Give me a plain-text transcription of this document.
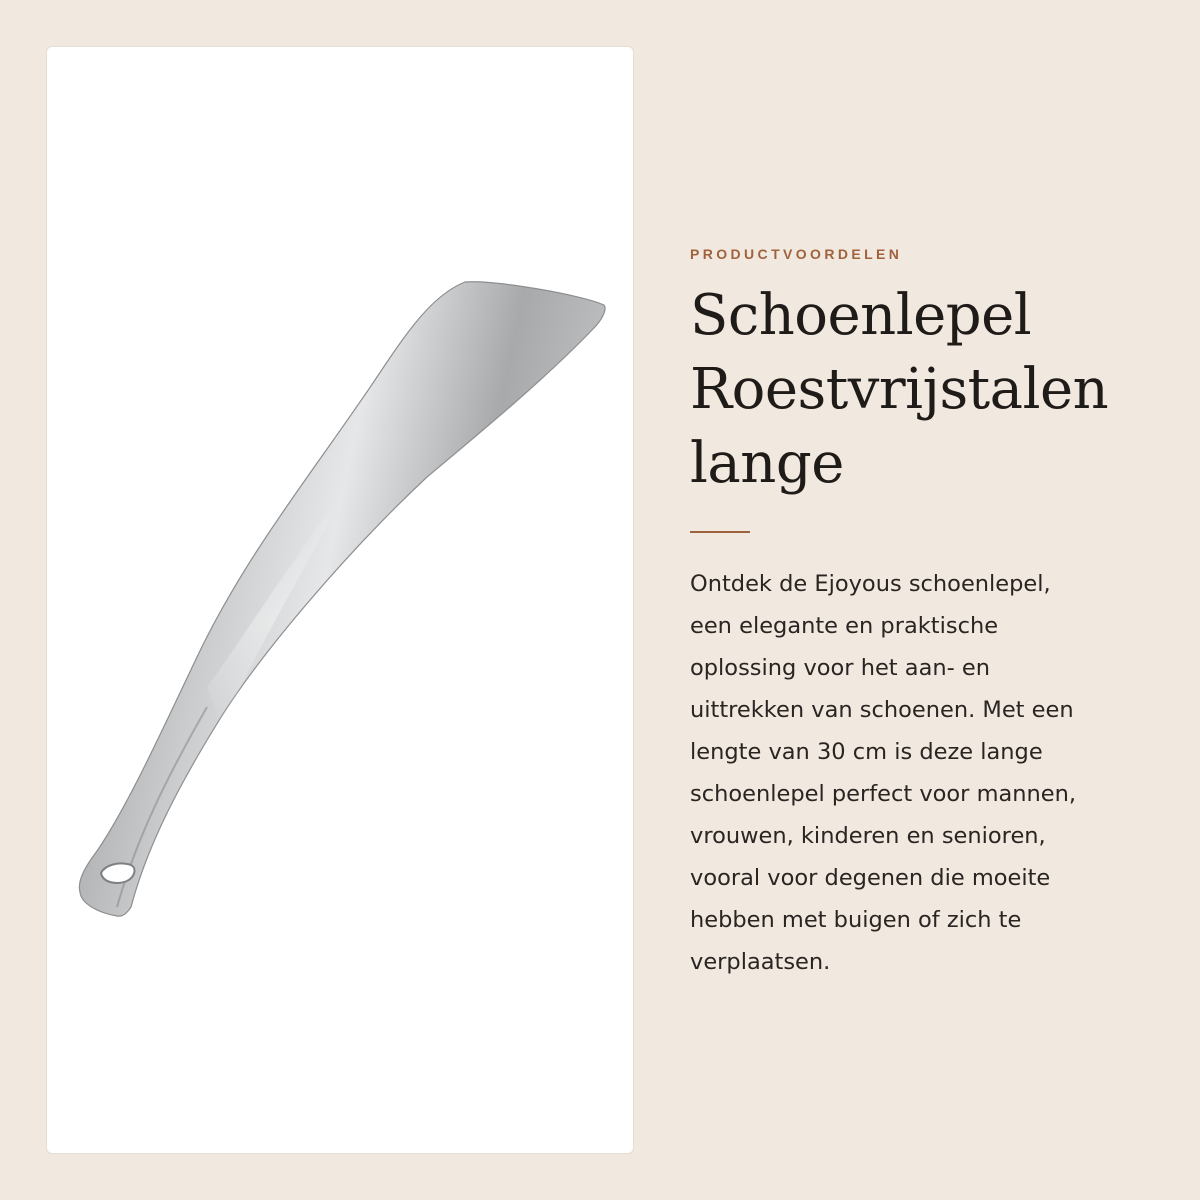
PRODUCTVOORDELEN

Schoenlepel
Roestvrijstalen
lange

Ontdek de Ejoyous schoenlepel,
een elegante en praktische
oplossing voor het aan- en
uittrekken van schoenen. Met een
lengte van 30 cm is deze lange
schoenlepel perfect voor mannen,
vrouwen, kinderen en senioren,
vooral voor degenen die moeite
hebben met buigen of zich te
verplaatsen.
